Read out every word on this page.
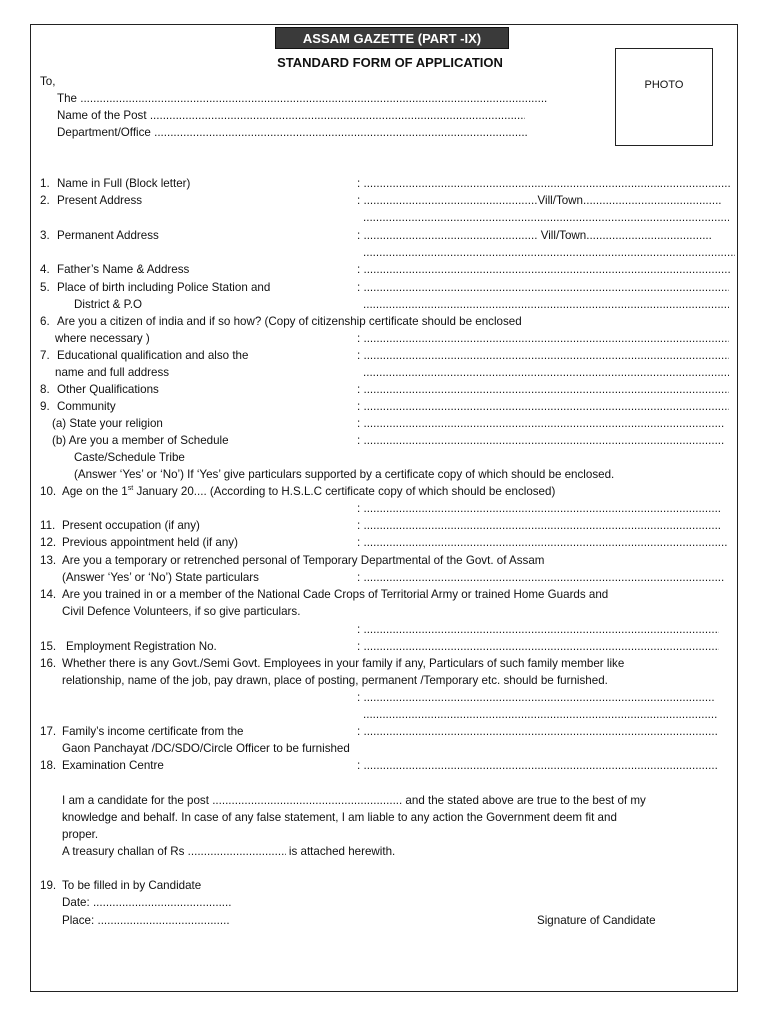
ASSAM GAZETTE (PART -IX)
STANDARD FORM OF APPLICATION
PHOTO
To,
The .....
Name of the Post .....
Department/Office .....
1. Name in Full (Block letter)	: .....
2. Present Address	: .....	Vill/Town.....
.....
3. Permanent Address	: .....	Vill/Town.....
.....
4. Father’s Name & Address	: .....
5. Place of birth including Police Station and
District & P.O
: .....
.....
6. Are you a citizen of india and if so how? (Copy of citizenship certificate should be enclosed
where necessary )	: .....
7. Educational qualification and also the
name and full address
: .....
.....
8. Other Qualifications	: .....
9. Community	: .....
(a) State your religion	: .....
(b) Are you a member of Schedule
Caste/Schedule Tribe
: .....
(Answer ‘Yes’ or ‘No’) If ‘Yes’ give particulars supported by a certificate copy of which should be enclosed.
10. Age on the 1st January 20.... (According to H.S.L.C certificate copy of which should be enclosed)
: .....
11. Present occupation (if any)	: .....
12. Previous appointment held (if any)	: .....
13. Are you a temporary or retrenched personal of Temporary Departmental of the Govt. of Assam
(Answer ‘Yes’ or ‘No’) State particulars	: .....
14. Are you trained in or a member of the National Cade Crops of Territorial Army or trained Home Guards and
Civil Defence Volunteers, if so give particulars.
: .....
15. Employment Registration No.	: .....
16. Whether there is any Govt./Semi Govt. Employees in your family if any, Particulars of such family member like
relationship, name of the job, pay drawn, place of posting, permanent /Temporary etc. should be furnished.
: .....
.....
17. Family’s income certificate from the
Gaon Panchayat /DC/SDO/Circle Officer to be furnished
: .....
18. Examination Centre	: .....
I am a candidate for the post .....	and the stated above are true to the best of my
knowledge and behalf. In case of any false statement, I am liable to any action the Government deem fit and
proper.
A treasury challan of Rs .....	is attached herewith.
19. To be filled in by Candidate
Date: .....
Place: .....	Signature of Candidate
